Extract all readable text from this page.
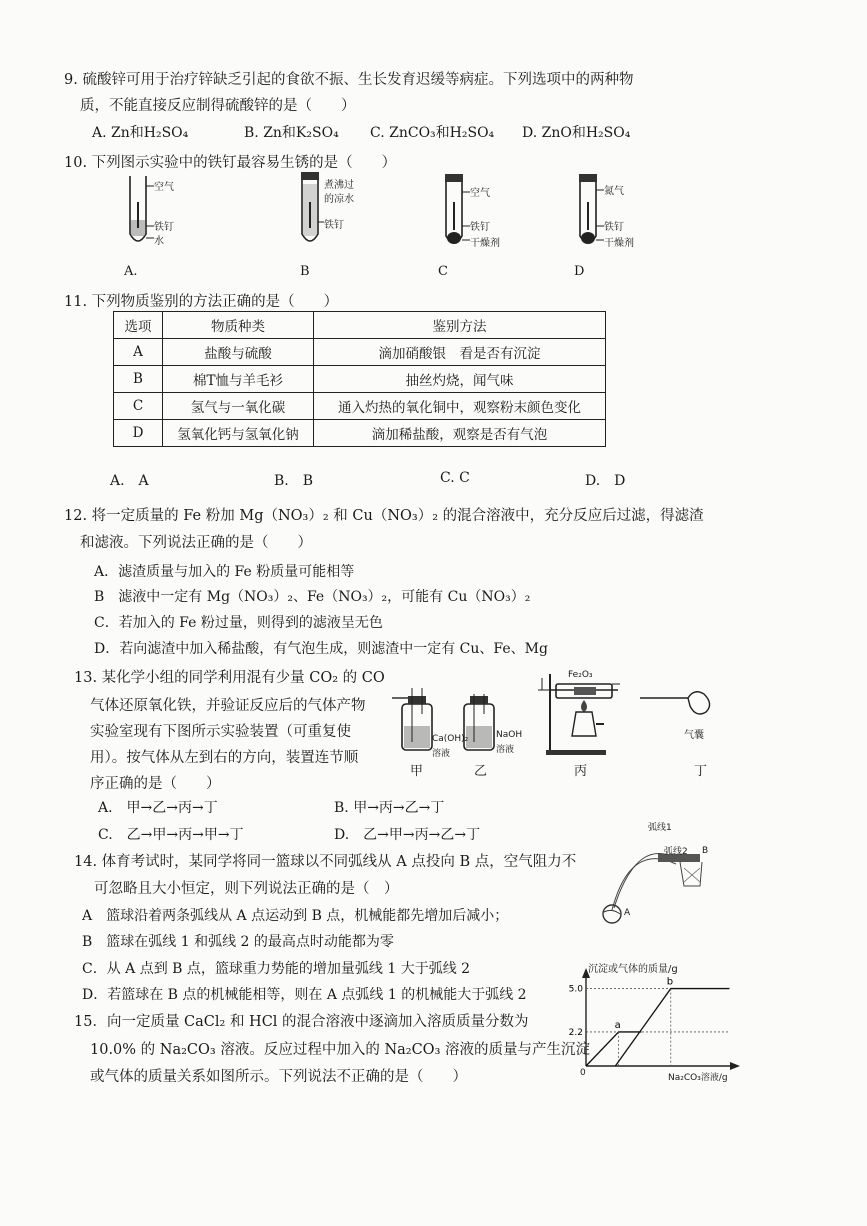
9. 硫酸锌可用于治疗锌缺乏引起的食欲不振、生长发育迟缓等病症。下列选项中的两种物
质，不能直接反应制得硫酸锌的是（　　）
A. Zn和H₂SO₄	B. Zn和K₂SO₄ C. ZnCO₃和H₂SO₄ D. ZnO和H₂SO₄
10. 下列图示实验中的铁钉最容易生锈的是（　　）
空气
铁钉
水
A.
煮沸过
的凉水
铁钉
B
空气
铁钉
干燥剂
C
氮气
铁钉
干燥剂
D
11. 下列物质鉴别的方法正确的是（　　）
选项	物质种类	鉴别方法
A	盐酸与硫酸	滴加硝酸银　看是否有沉淀
B	棉T恤与羊毛衫	抽丝灼烧，闻气味
C	氢气与一氧化碳	通入灼热的氧化铜中，观察粉末颜色变化
D	氢氧化钙与氢氧化钠	滴加稀盐酸，观察是否有气泡
A.　A	B.　B	C. C	D.　D
12. 将一定质量的 Fe 粉加 Mg（NO₃）₂ 和 Cu（NO₃）₂ 的混合溶液中，充分反应后过滤，得滤渣
和滤液。下列说法正确的是（　　）
A．滤渣质量与加入的 Fe 粉质量可能相等
B　滤液中一定有 Mg（NO₃）₂、Fe（NO₃）₂，可能有 Cu（NO₃）₂
C．若加入的 Fe 粉过量，则得到的滤液呈无色
D．若向滤渣中加入稀盐酸，有气泡生成，则滤渣中一定有 Cu、Fe、Mg
13. 某化学小组的同学利用混有少量 CO₂ 的 CO
气体还原氧化铁，并验证反应后的气体产物
实验室现有下图所示实验装置（可重复使
用）。按气体从左到右的方向，装置连节顺
序正确的是（　　）
Ca(OH)₂
溶液
NaOH
溶液
Fe₂O₃
气囊
甲	乙	丙	丁
A.　甲→乙→丙→丁	B. 甲→丙→乙→丁
C.　乙→甲→丙→甲→丁	D.　乙→甲→丙→乙→丁
14. 体育考试时，某同学将同一篮球以不同弧线从 A 点投向 B 点，空气阻力不
可忽略且大小恒定，则下列说法正确的是（　）
A　篮球沿着两条弧线从 A 点运动到 B 点，机械能都先增加后减小；
B　篮球在弧线 1 和弧线 2 的最高点时动能都为零
C．从 A 点到 B 点，篮球重力势能的增加量弧线 1 大于弧线 2
D．若篮球在 B 点的机械能相等，则在 A 点弧线 1 的机械能大于弧线 2
弧线1
弧线2 B
A
15．向一定质量 CaCl₂ 和 HCl 的混合溶液中逐滴加入溶质质量分数为
10.0% 的 Na₂CO₃ 溶液。反应过程中加入的 Na₂CO₃ 溶液的质量与产生沉淀
或气体的质量关系如图所示。下列说法不正确的是（　　）
5.0
2.2
a
b
沉淀或气体的质量/g
Na₂CO₃溶液/g
0
